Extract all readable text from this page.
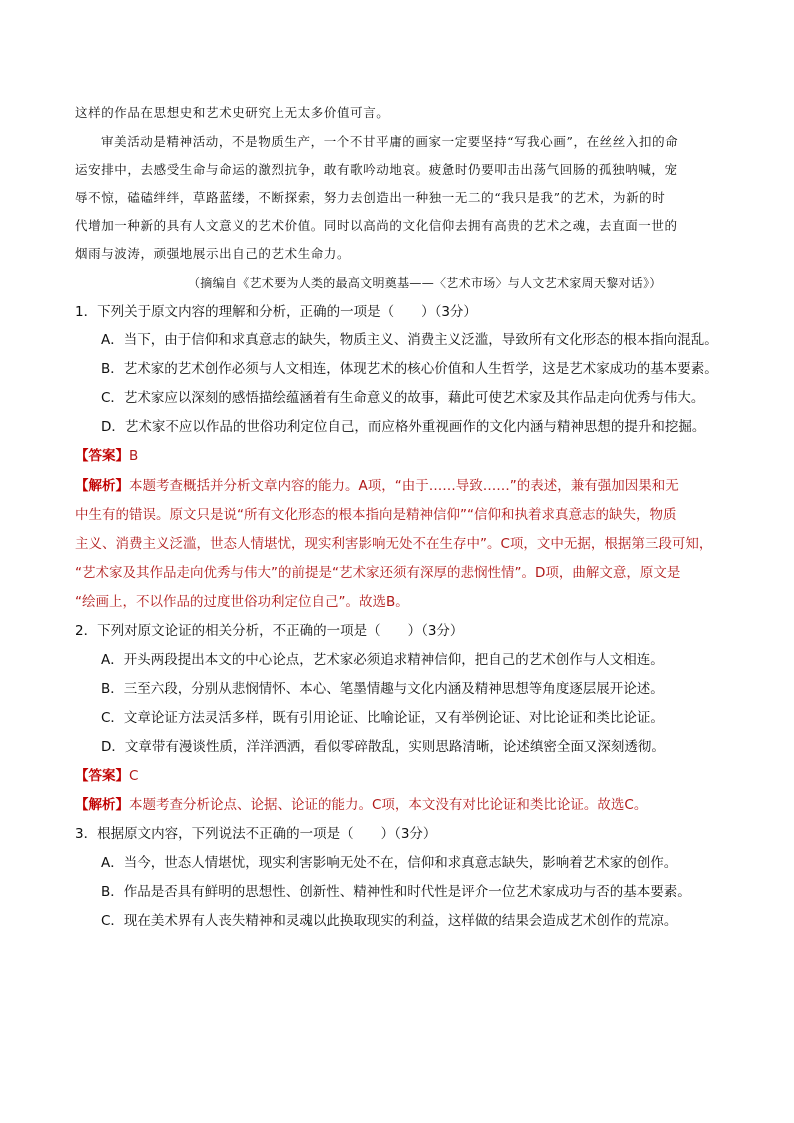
这样的作品在思想史和艺术史研究上无太多价值可言。
审美活动是精神活动，不是物质生产，一个不甘平庸的画家一定要坚持“写我心画”，在丝丝入扣的命
运安排中，去感受生命与命运的激烈抗争，敢有歌吟动地哀。疲惫时仍要叩击出荡气回肠的孤独呐喊，宠
辱不惊，磕磕绊绊，草路蓝缕，不断探索，努力去创造出一种独一无二的“我只是我”的艺术，为新的时
代增加一种新的具有人文意义的艺术价值。同时以高尚的文化信仰去拥有高贵的艺术之魂，去直面一世的
烟雨与波涛，顽强地展示出自己的艺术生命力。
（摘编自《艺术要为人类的最高文明奠基——〈艺术市场〉与人文艺术家周天黎对话》）
1．下列关于原文内容的理解和分析，正确的一项是（　　）（3分）
A．当下，由于信仰和求真意志的缺失，物质主义、消费主义泛滥，导致所有文化形态的根本指向混乱。
B．艺术家的艺术创作必须与人文相连，体现艺术的核心价值和人生哲学，这是艺术家成功的基本要素。
C．艺术家应以深刻的感悟描绘蕴涵着有生命意义的故事，藉此可使艺术家及其作品走向优秀与伟大。
D．艺术家不应以作品的世俗功利定位自己，而应格外重视画作的文化内涵与精神思想的提升和挖掘。
【答案】B
【解析】本题考查概括并分析文章内容的能力。A项，“由于……导致……”的表述，兼有强加因果和无
中生有的错误。原文只是说“所有文化形态的根本指向是精神信仰”“信仰和执着求真意志的缺失，物质
主义、消费主义泛滥，世态人情堪忧，现实利害影响无处不在生存中”。C项，文中无据，根据第三段可知，
“艺术家及其作品走向优秀与伟大”的前提是“艺术家还须有深厚的悲悯性情”。D项，曲解文意，原文是
“绘画上，不以作品的过度世俗功利定位自己”。故选B。
2．下列对原文论证的相关分析，不正确的一项是（　　）（3分）
A．开头两段提出本文的中心论点，艺术家必须追求精神信仰，把自己的艺术创作与人文相连。
B．三至六段，分别从悲悯情怀、本心、笔墨情趣与文化内涵及精神思想等角度逐层展开论述。
C．文章论证方法灵活多样，既有引用论证、比喻论证，又有举例论证、对比论证和类比论证。
D．文章带有漫谈性质，洋洋洒洒，看似零碎散乱，实则思路清晰，论述缜密全面又深刻透彻。
【答案】C
【解析】本题考查分析论点、论据、论证的能力。C项，本文没有对比论证和类比论证。故选C。
3．根据原文内容，下列说法不正确的一项是（　　）（3分）
A．当今，世态人情堪忧，现实利害影响无处不在，信仰和求真意志缺失，影响着艺术家的创作。
B．作品是否具有鲜明的思想性、创新性、精神性和时代性是评介一位艺术家成功与否的基本要素。
C．现在美术界有人丧失精神和灵魂以此换取现实的利益，这样做的结果会造成艺术创作的荒凉。
